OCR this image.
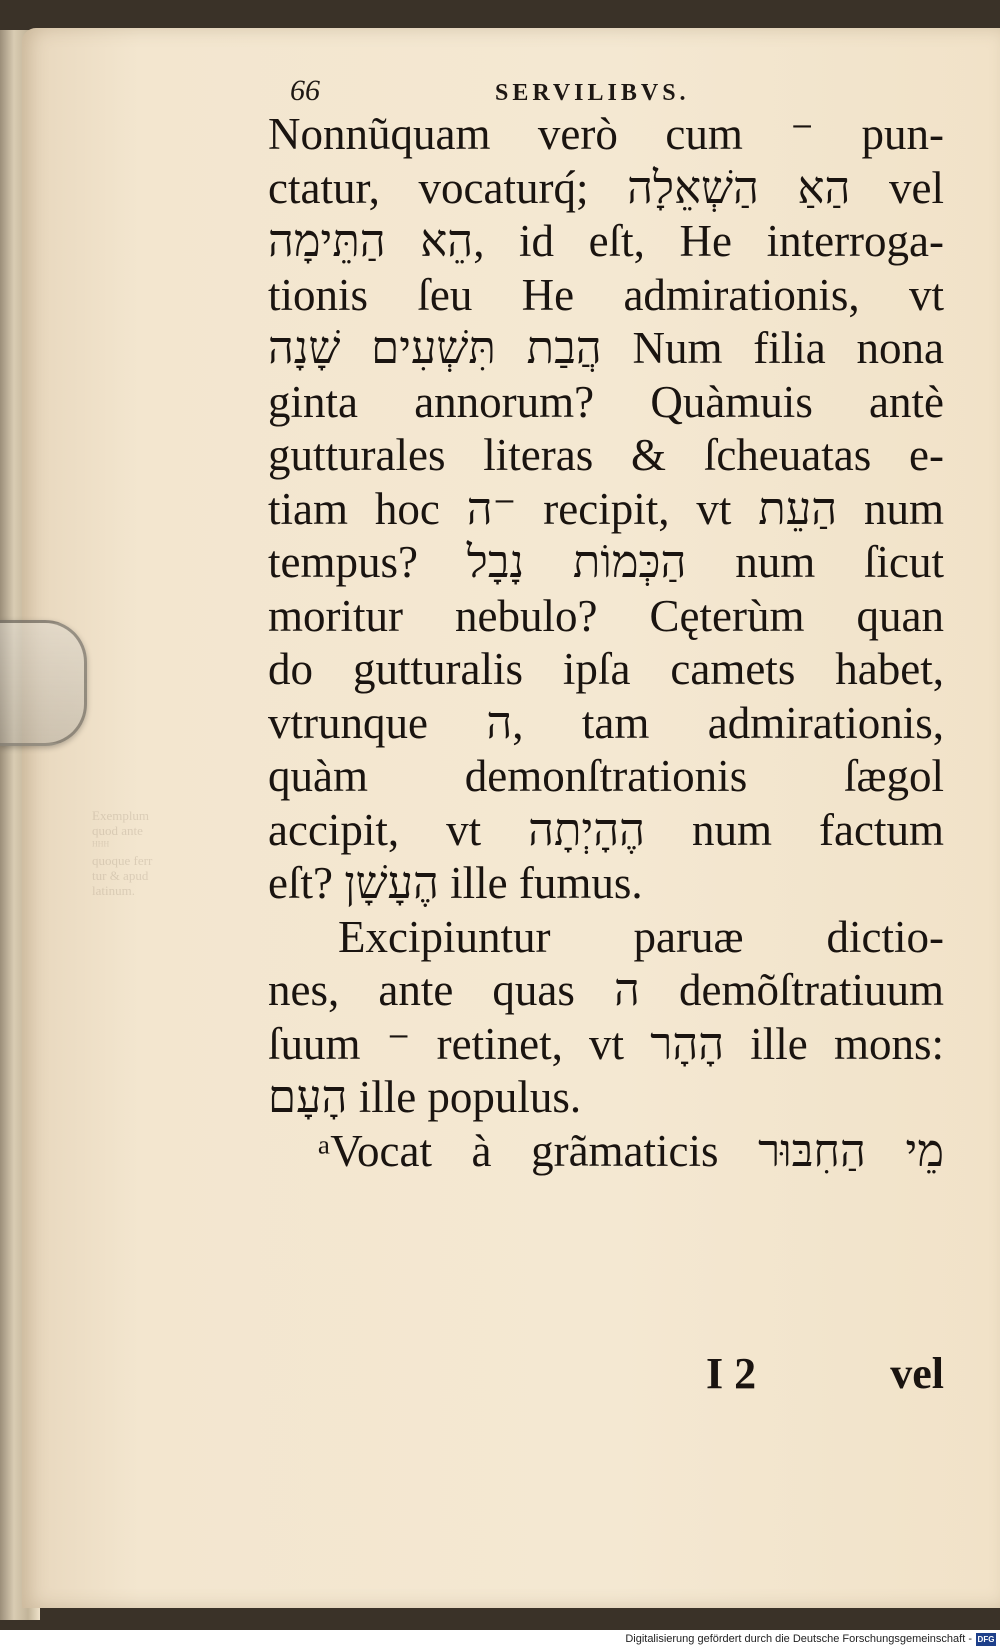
Exemplum
quod ante
ᴴᴴᴴ
quoque ferr
tur & apud
latinum.
66	SERVILIBVS.
Nonnũquam verò cum ⁻ pun-
ctatur, vocaturq́; הַאַ הַשְׁאֵלָה vel
הֵא הַתֵּימָה, id eſt, He interroga-
tionis ſeu He admirationis, vt
הֲבַת תִּשְׁעִים שָׁנָה Num filia nona
ginta annorum? Quàmuis antè
gutturales literas & ſcheuatas e-
tiam hoc ה⁻ recipit, vt הַעֵת num
tempus? הַכְּמוֹת נָבָל num ſicut
moritur nebulo? Cęterùm quan
do gutturalis ipſa camets habet,
vtrunque ה, tam admirationis,
quàm demonſtrationis ſægol
accipit, vt הֶהָיְתָה num factum
eſt? הֶעָשָׁן ille fumus.
Excipiuntur paruæ dictio-
nes, ante quas ה demõſtratiuum
ſuum ⁻ retinet, vt הָהָר ille mons:
הָעָם ille populus.
ᵃVocat à grãmaticis מֵי הַחִבּוּר
I 2	vel
Digitalisierung gefördert durch die Deutsche Forschungsgemeinschaft - DFG
